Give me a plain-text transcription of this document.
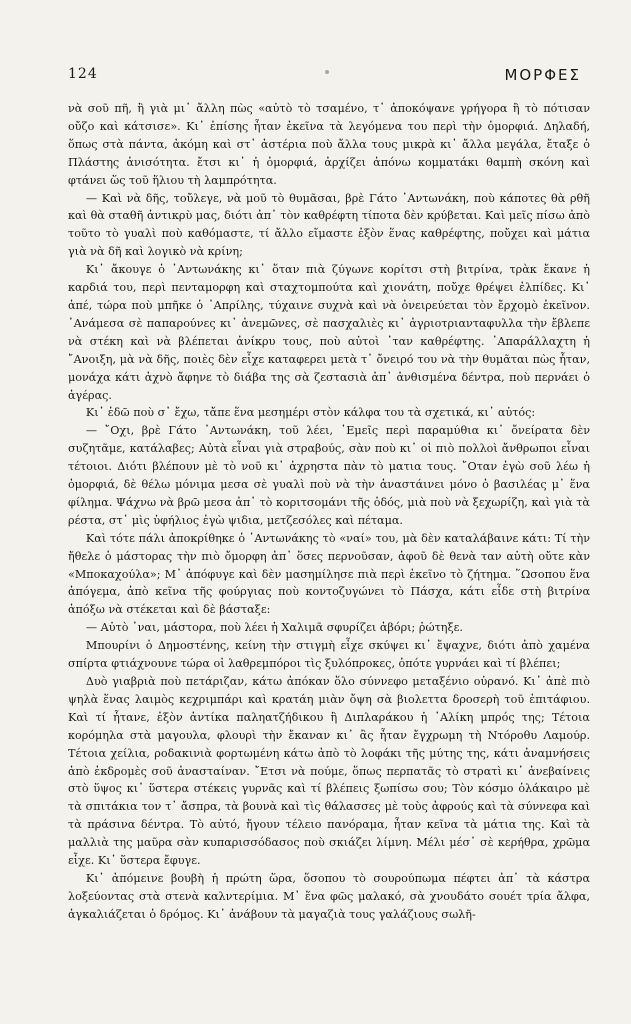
124	ΜΟΡΦΕΣ

νὰ σοῦ πῆ, ἢ γιὰ μι᾿ ἄλλη πὼς «αὐτὸ τὸ τσαμένο, τ᾿ ἀποκόψανε γρήγορα ἢ τὸ πότισαν οὔζο καὶ κάτσισε». Κι᾿ ἐπίσης ἦταν ἐκεῖνα τὰ λεγόμενα του περὶ τὴν ὀμορφιά. Δηλαδή, ὅπως στὰ πάντα, ἀκόμη καὶ στ᾿ ἀστέρια ποὺ ἄλλα τους μικρὰ κι᾿ ἄλλα μεγάλα, ἔταξε ὁ Πλάστης ἀνισότητα. ἔτσι κι᾿ ἡ ὀμορφιά, ἀρχίζει ἀπόνω κομματάκι θαμπὴ σκόνη καὶ φτάνει ὥς τοῦ ἥλιου τὴ λαμπρότητα.

— Καὶ νὰ δῆς, τοὔλεγε, νὰ μοῦ τὸ θυμᾶσαι, βρὲ Γάτο ᾿Αντωνάκη, ποὺ κάποτες θὰ ρθῆ καὶ θὰ σταθῆ ἀντικρὺ μας, διότι ἀπ᾿ τὸν καθρέφτη τίποτα δὲν κρύβεται. Καὶ μεῖς πίσω ἀπὸ τοῦτο τὸ γυαλὶ ποὺ καθόμαστε, τί ἄλλο εἴμαστε ἐξὸν ἕνας καθρέφτης, ποὔχει καὶ μάτια γιὰ νὰ δῆ καὶ λογικὸ νὰ κρίνη;

Κι᾿ ἄκουγε ὁ ᾿Αντωνάκης κι᾿ ὅταν πιὰ ζύγωνε κορίτσι στὴ βιτρίνα, τρὰκ ἔκανε ἡ καρδιά του, περὶ πενταμορφη καὶ σταχτομπούτα καὶ χιονάτη, ποὔχε θρέψει ἐλπίδες. Κι᾿ ἀπέ, τώρα ποὺ μπῆκε ὁ ᾿Απρίλης, τύχαινε συχνὰ καὶ νὰ ὀνειρεύεται τὸν ἔρχομὸ ἐκεῖνον. ᾿Ανάμεσα σὲ παπαρούνες κι᾿ ἀνεμῶνες, σὲ πασχαλιὲς κι᾿ ἀγριοτριανταφυλλα τὴν ἔβλεπε νὰ στέκη καὶ νὰ βλέπεται ἀνίκρυ τους, ποὺ αὐτοὶ ᾿ταν καθρέφτης. ᾿Απαράλλαχτη ἡ ῎Ανοιξη, μὰ νὰ δῆς, ποιὲς δὲν εἶχε καταφερει μετὰ τ᾿ ὄνειρό του νὰ τὴν θυμᾶται πὼς ἦταν, μονάχα κάτι ἀχνὸ ἄφηνε τὸ διάβα της σὰ ζεστασιὰ ἀπ᾿ ἀνθισμένα δέντρα, ποὺ περνάει ὁ ἀγέρας.

Κι᾿ ἑδῶ ποὺ σ᾿ ἔχω, τἄπε ἕνα μεσημέρι στὸν κάλφα του τὰ σχετικά, κι᾿ αὐτός:

— ῎Οχι, βρὲ Γάτο ᾿Αντωνάκη, τοῦ λέει, ῾Εμεῖς περὶ παραμύθια κι᾿ ὄνείρατα δὲν συζητᾶμε, κατάλαβες; Αὐτὰ εἶναι γιὰ στραβούς, σὰν ποὺ κι᾿ οἱ πιὸ πολλοὶ ἄνθρωποι εἶναι τέτοιοι. Διότι βλέπουν μὲ τὸ νοῦ κι᾿ ἀχρηστα πὰν τὸ ματια τους. ῎Οταν ἐγὼ σοῦ λέω ἡ ὀμορφιά, δὲ θέλω μόνιμα μεσα σὲ γυαλὶ ποὺ νὰ τὴν ἀναστάινει μόνο ὁ βασιλέας μ᾿ ἕνα φίλημα. Ψάχνω νὰ βρῶ μεσα ἀπ᾿ τὸ κοριτσομάνι τῆς ὁδός, μιὰ ποὺ νὰ ξεχωρίζη, καὶ γιὰ τὰ ρέστα, στ᾿ μὶς ὑφήλιος ἐγὼ ψιδια, μετζεσόλες καὶ πέταμα.

Καὶ τότε πάλι ἀποκρίθηκε ὁ ᾿Αντωνάκης τὸ «ναί» του, μὰ δὲν καταλάβαινε κάτι: Τί τὴν ἤθελε ὁ μάστορας τὴν πιὸ ὄμορφη ἀπ᾿ ὅσες περνοῦσαν, ἀφοῦ δὲ θενὰ ταν αὐτὴ οὔτε κὰν «Μποκαχούλα»; Μ᾿ ἀπόφυγε καὶ δὲν μασημίλησε πιὰ περὶ ἐκεῖνο τὸ ζήτημα. ῞Ωσοπου ἕνα ἀπόγεμα, ἀπὸ κεῖνα τῆς φούργιας ποὺ κοντοζυγώνει τὸ Πάσχα, κάτι εἶδε στὴ βιτρίνα ἀπόξω νὰ στέκεται καὶ δὲ βάσταξε:

— Αὐτὸ ᾿ναι, μάστορα, ποὺ λέει ἡ Χαλιμᾶ σφυρίζει ἀβόρι; ῥώτηξε.

Μπουρίνι ὁ Δημοστένης, κείνη τὴν στιγμὴ εἶχε σκύψει κι᾿ ἔψαχνε, διότι ἀπὸ χαμένα σπίρτα φτιάχνουνε τώρα οἱ λαθρεμπόροι τὶς ξυλόπροκες, ὁπότε γυρνάει καὶ τί βλέπει;

Δυὸ γιαβριὰ ποὺ πετάριζαν, κάτω ἀπόκαν ὅλο σύννεφο μεταξένιο οὐρανό. Κι᾿ ἀπὲ πιὸ ψηλὰ ἕνας λαιμὸς κεχριμπάρι καὶ κρατάη μιὰν ὄψη σὰ βιολεττα δροσερὴ τοῦ ἐπιτάφιου. Καὶ τί ἦτανε, ἐξὸν ἀντίκα παληατζήδικου ἢ Διπλαράκου ἡ ᾿Αλίκη μπρός της; Τέτοια κορόμηλα στὰ μαγουλα, φλουρὶ τὴν ἔκαναν κι᾿ ἂς ἦταν ἔγχρωμη τὴ Ντόροθυ Λαμούρ. Τέτοια χείλια, ροδακινιὰ φορτωμένη κάτω ἀπὸ τὸ λοφάκι τῆς μύτης της, κάτι ἀναμνήσεις ἀπὸ ἐκδρομὲς σοῦ ἀνασταίναν. ῎Ετσι νὰ πούμε, ὅπως περπατᾶς τὸ στρατὶ κι᾿ ἀνεβαίνεις στὸ ὕψος κι᾿ ὕστερα στέκεις γυρνᾶς καὶ τί βλέπεις ξωπίσω σου; Τὸν κόσμο ὁλάκαιρο μὲ τὰ σπιτάκια τον τ᾿ ἄσπρα, τὰ βουνὰ καὶ τὶς θάλασσες μὲ τοὺς ἀφρούς καὶ τὰ σύννεφα καὶ τὰ πράσινα δέντρα. Τὸ αὐτό, ἤγουν τέλειο πανόραμα, ἦταν κεῖνα τὰ μάτια της. Καὶ τὰ μαλλιὰ της μαῦρα σὰν κυπαρισσόδασος ποὺ σκιάζει λίμνη. Μέλι μέσ᾿ σὲ κερήθρα, χρῶμα εἶχε. Κι᾿ ὕστερα ἔφυγε.

Κι᾿ ἀπόμεινε βουβὴ ἡ πρώτη ὥρα, ὅσοπου τὸ σουρούπωμα πέφτει ἀπ᾿ τὰ κάστρα λοξεύοντας στὰ στενὰ καλντερίμια. Μ᾿ ἕνα φῶς μαλακό, σὰ χνουδάτο σουέτ τρία ἄλφα, ἀγκαλιάζεται ὁ δρόμος. Κι᾿ ἀνάβουν τὰ μαγαζιὰ τους γαλάζιους σωλῆ-
